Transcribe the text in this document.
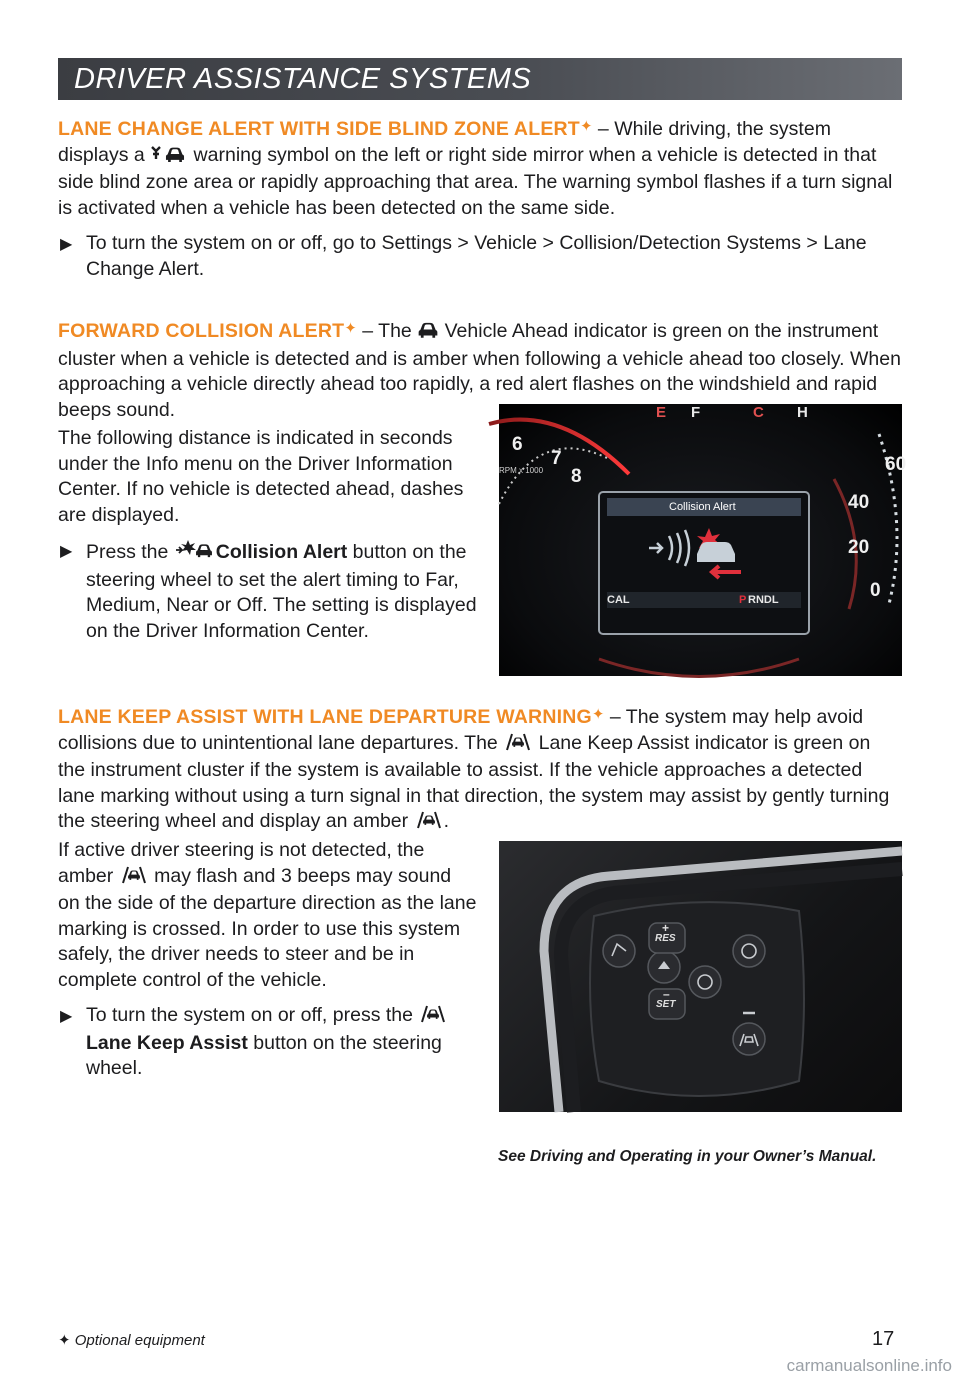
DRIVER ASSISTANCE SYSTEMS

LANE CHANGE ALERT WITH SIDE BLIND ZONE ALERT✦ – While driving, the system displays a  warning symbol on the left or right side mirror when a vehicle is detected in that side blind zone area or rapidly approaching that area. The warning symbol flashes if a turn signal is activated when a vehicle has been detected on the same side.

▶ To turn the system on or off, go to Settings > Vehicle > Collision/Detection Systems > Lane Change Alert.

FORWARD COLLISION ALERT✦ – The  Vehicle Ahead indicator is green on the instrument cluster when a vehicle is detected and is amber when following a vehicle ahead too closely. When approaching a vehicle directly ahead too rapidly, a red alert flashes on the windshield and rapid beeps sound.

The following distance is indicated in seconds under the Info menu on the Driver Information Center. If no vehicle is detected ahead, dashes are displayed.

▶ Press the Collision Alert button on the steering wheel to set the alert timing to Far, Medium, Near or Off. The setting is displayed on the Driver Information Center.

E F	C H
6
7
8
RPM x 1000	60
40
20
0
Collision Alert
CAL	P RNDL

LANE KEEP ASSIST WITH LANE DEPARTURE WARNING✦ – The system may help avoid collisions due to unintentional lane departures. The  Lane Keep Assist indicator is green on the instrument cluster if the system is available to assist. If the vehicle approaches a detected lane marking without using a turn signal in that direction, the system may assist by gently turning the steering wheel and display an amber .

If active driver steering is not detected, the amber  may flash and 3 beeps may sound on the side of the departure direction as the lane marking is crossed. In order to use this system safely, the driver needs to steer and be in complete control of the vehicle.

▶ To turn the system on or off, press the Lane Keep Assist button on the steering wheel.

+
RES
–
SET
See Driving and Operating in your Owner’s Manual.
✦ Optional equipment	17
carmanualsonline.info
